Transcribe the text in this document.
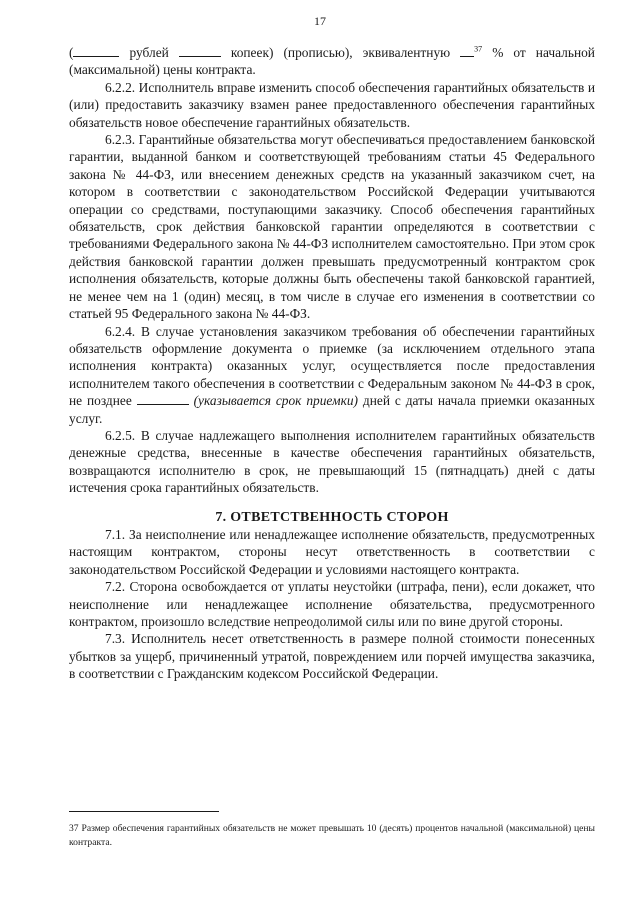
17

(	рублей	копеек) (прописью), эквивалентную $^{37}$ % от начальной (максимальной) цены контракта.

6.2.2. Исполнитель вправе изменить способ обеспечения гарантийных обязательств и (или) предоставить заказчику взамен ранее предоставленного обеспечения гарантийных обязательств новое обеспечение гарантийных обязательств.

6.2.3. Гарантийные обязательства могут обеспечиваться предоставлением банковской гарантии, выданной банком и соответствующей требованиям статьи 45 Федерального закона № 44-ФЗ, или внесением денежных средств на указанный заказчиком счет, на котором в соответствии с законодательством Российской Федерации учитываются операции со средствами, поступающими заказчику. Способ обеспечения гарантийных обязательств, срок действия банковской гарантии определяются в соответствии с требованиями Федерального закона № 44-ФЗ исполнителем самостоятельно. При этом срок действия банковской гарантии должен превышать предусмотренный контрактом срок исполнения обязательств, которые должны быть обеспечены такой банковской гарантией, не менее чем на 1 (один) месяц, в том числе в случае его изменения в соответствии со статьей 95 Федерального закона № 44-ФЗ.

6.2.4. В случае установления заказчиком требования об обеспечении гарантийных обязательств оформление документа о приемке (за исключением отдельного этапа исполнения контракта) оказанных услуг, осуществляется после предоставления исполнителем такого обеспечения в соответствии с Федеральным законом № 44-ФЗ в срок, не позднее	(указывается срок приемки) дней с даты начала приемки оказанных услуг.

6.2.5. В случае надлежащего выполнения исполнителем гарантийных обязательств денежные средства, внесенные в качестве обеспечения гарантийных обязательств, возвращаются исполнителю в срок, не превышающий 15 (пятнадцать) дней с даты истечения срока гарантийных обязательств.

7. ОТВЕТСТВЕННОСТЬ СТОРОН

7.1. За неисполнение или ненадлежащее исполнение обязательств, предусмотренных настоящим контрактом, стороны несут ответственность в соответствии с законодательством Российской Федерации и условиями настоящего контракта.

7.2. Сторона освобождается от уплаты неустойки (штрафа, пени), если докажет, что неисполнение или ненадлежащее исполнение обязательства, предусмотренного контрактом, произошло вследствие непреодолимой силы или по вине другой стороны.

7.3. Исполнитель несет ответственность в размере полной стоимости понесенных убытков за ущерб, причиненный утратой, повреждением или порчей имущества заказчика, в соответствии с Гражданским кодексом Российской Федерации.

37 Размер обеспечения гарантийных обязательств не может превышать 10 (десять) процентов начальной (максимальной) цены контракта.
